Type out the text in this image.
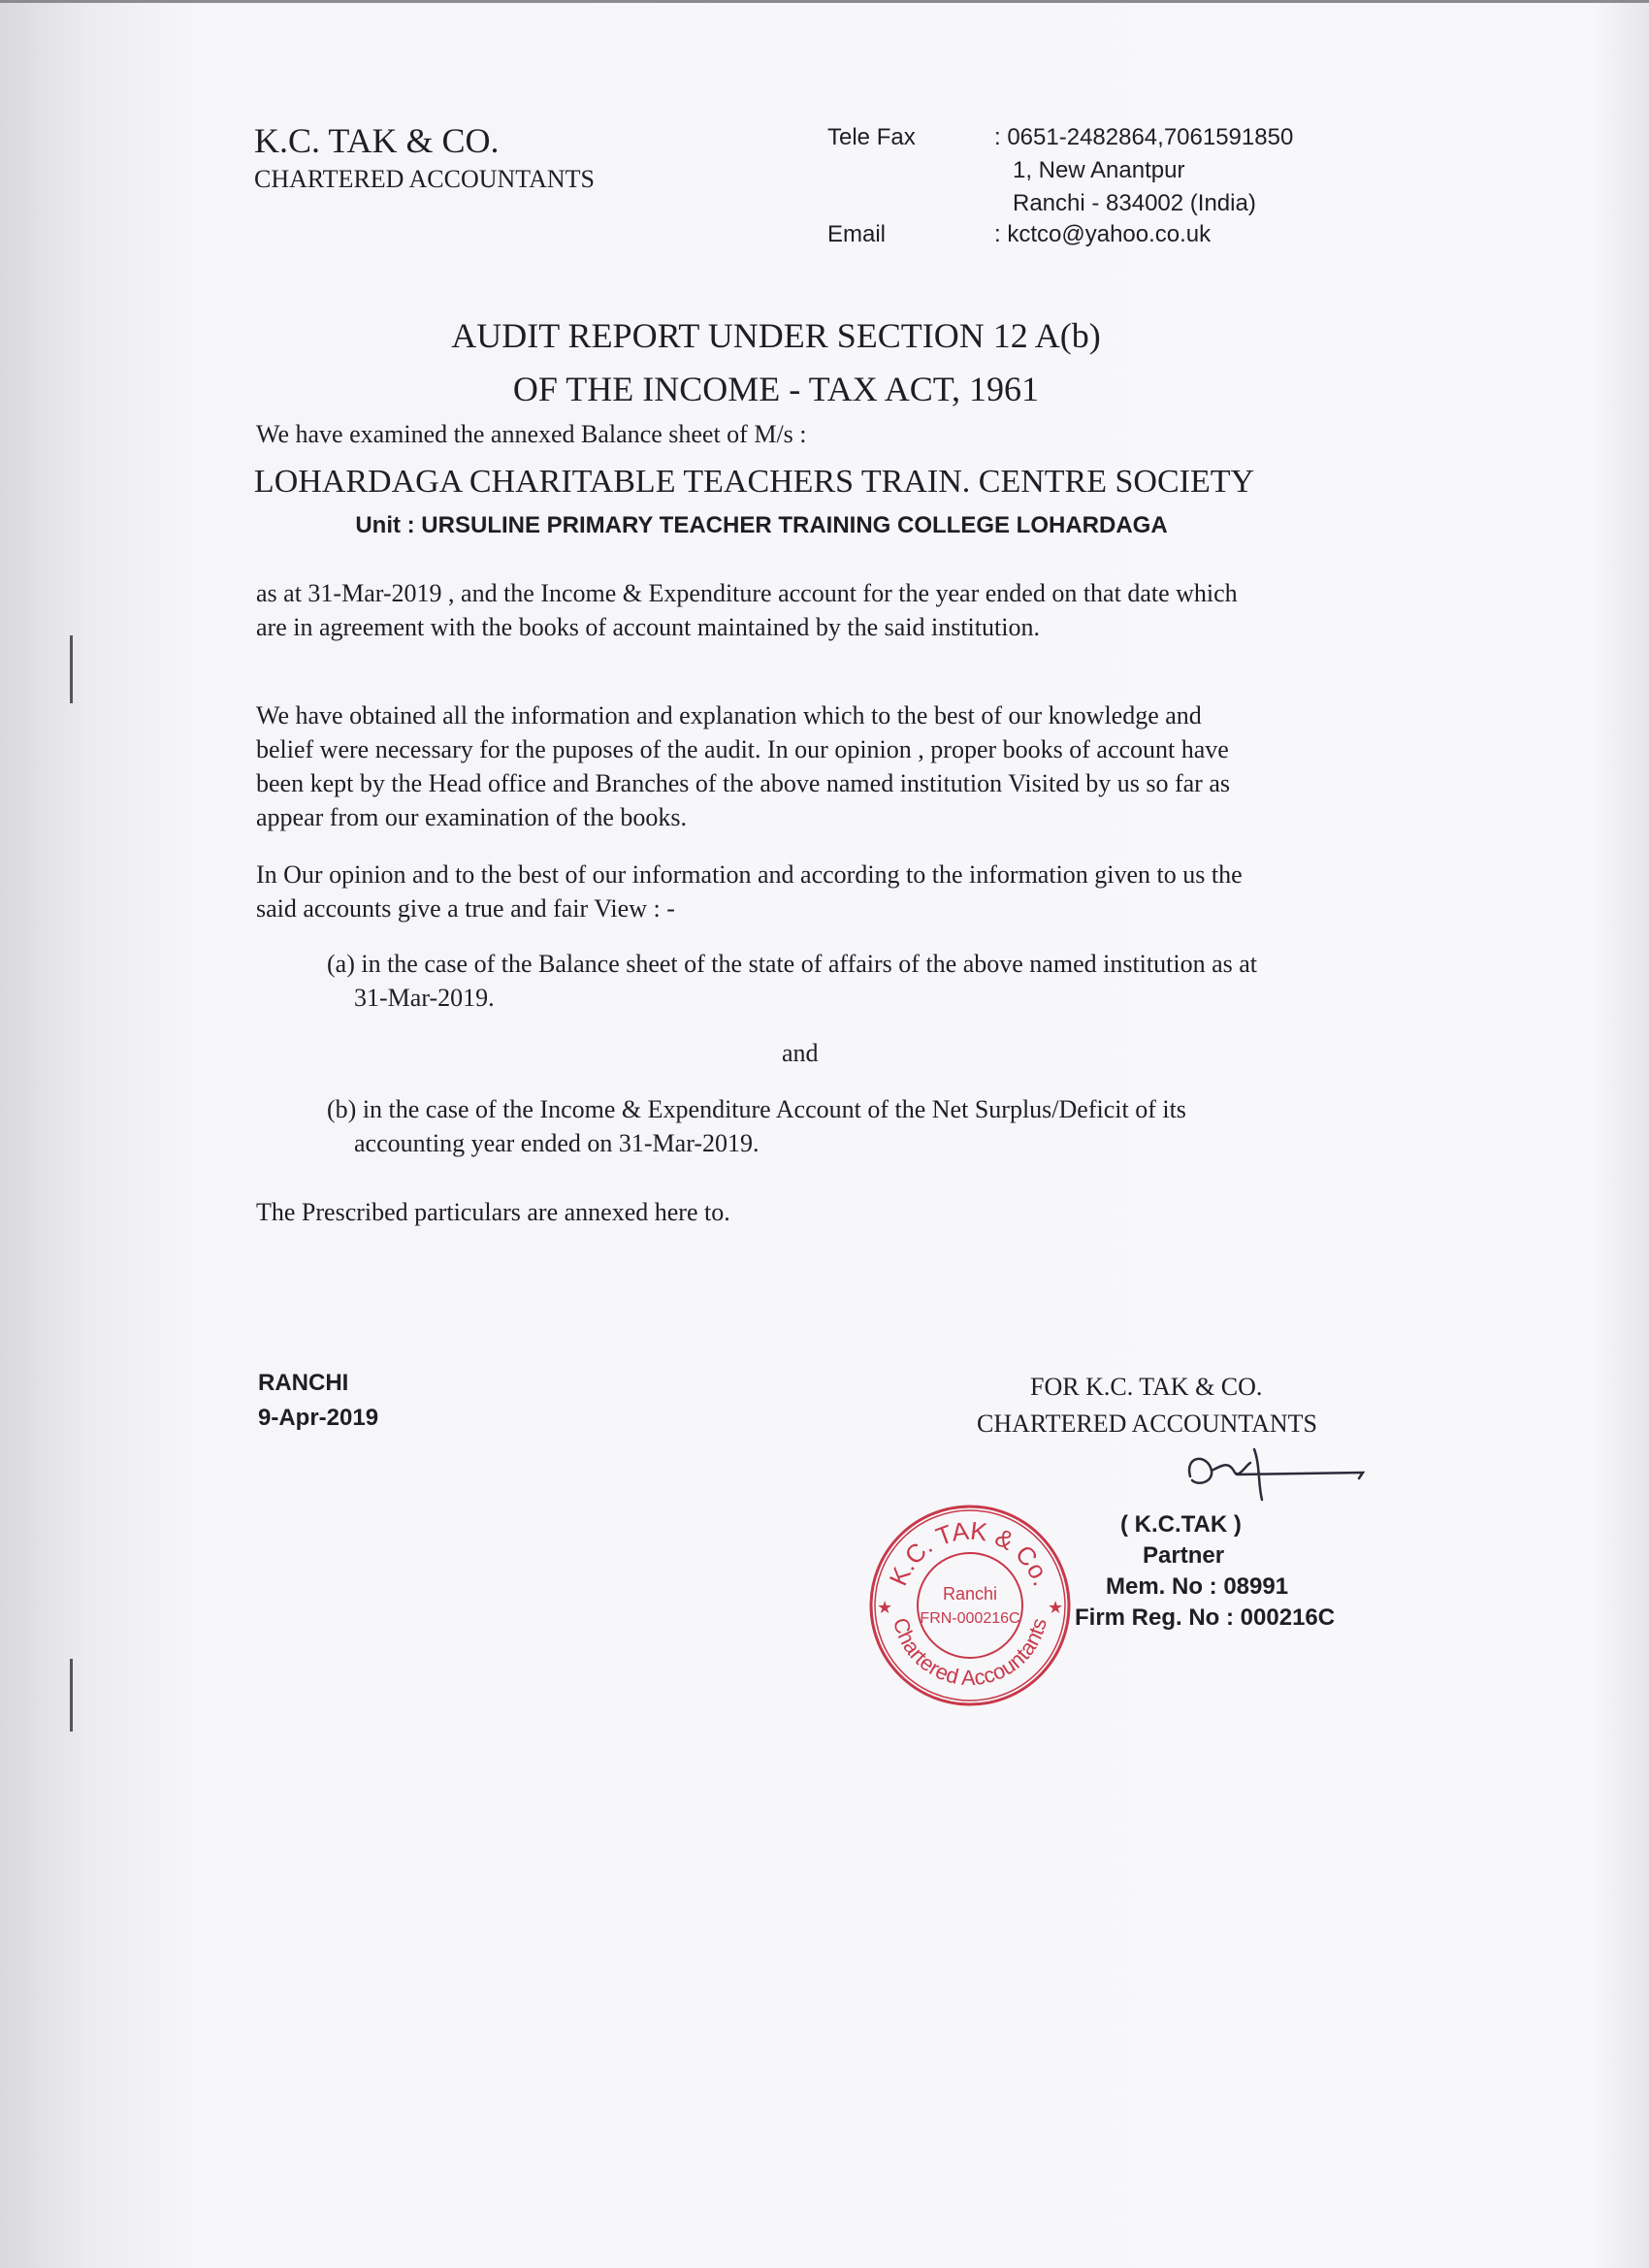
K.C. TAK & CO.
CHARTERED ACCOUNTANTS
Tele Fax	: 0651-2482864,7061591850
1, New Anantpur
Ranchi - 834002 (India)
Email	: kctco@yahoo.co.uk
AUDIT REPORT UNDER SECTION 12 A(b)
OF THE INCOME - TAX ACT, 1961
We have examined the annexed Balance sheet of M/s :
LOHARDAGA CHARITABLE TEACHERS TRAIN. CENTRE SOCIETY
Unit : URSULINE PRIMARY TEACHER TRAINING COLLEGE LOHARDAGA
as at 31-Mar-2019 , and the Income & Expenditure account for the year ended on that date which are in agreement with the books of account maintained by the said institution.
We have obtained all the information and explanation which to the best of our knowledge and belief were necessary for the puposes of the audit. In our opinion , proper books of account have been kept by the Head office and Branches of the above named institution Visited by us so far as appear from our examination of the books.
In Our opinion and to the best of our information and according to the information given to us the said accounts give a true and fair View : -
(a) in the case of the Balance sheet of the state of affairs of the above named institution as at 31-Mar-2019.
and
(b) in the case of the Income & Expenditure Account of the Net Surplus/Deficit of its accounting year ended on 31-Mar-2019.
The Prescribed particulars are annexed here to.
RANCHI
9-Apr-2019
FOR K.C. TAK & CO.
CHARTERED ACCOUNTANTS
( K.C.TAK )
Partner
Mem. No : 08991
Firm Reg. No : 000216C
K.C. TAK & Co.
Chartered Accountants
Ranchi
FRN-000216C
★	★
